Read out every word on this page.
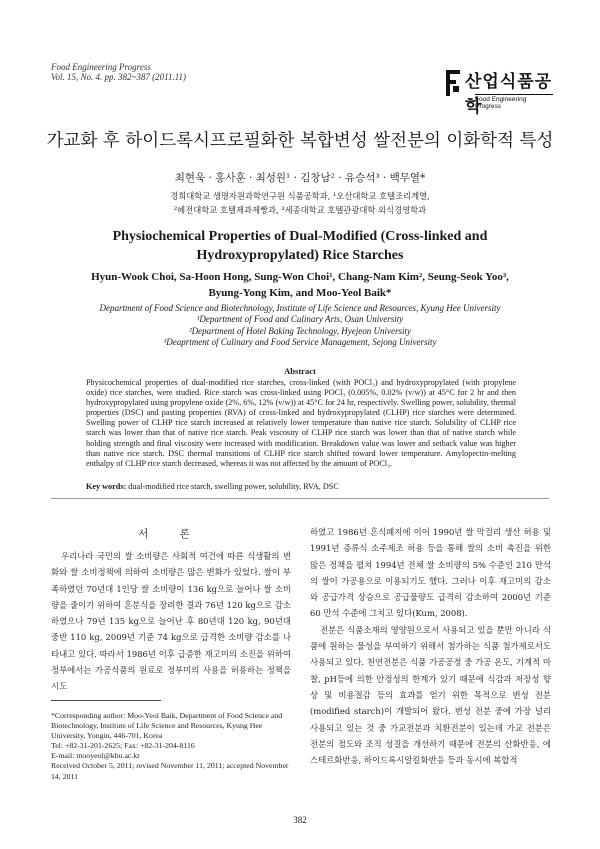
Food Engineering Progress
Vol. 15, No. 4. pp. 382~387 (2011.11)	산업식품공학
Food Engineering Progress
가교화 후 하이드록시프로필화한 복합변성 쌀전분의 이화학적 특성
최현욱 · 홍사훈 · 최성원¹ · 김창남² · 유승석³ · 백무열*
경희대학교 생명자원과학연구원 식품공학과, ¹오산대학교 호텔조리계열,
²혜전대학교 호텔제과제빵과, ³세종대학교 호텔관광대학 외식경영학과
Physiochemical Properties of Dual-Modified (Cross-linked and
Hydroxypropylated) Rice Starches
Hyun-Wook Choi, Sa-Hoon Hong, Sung-Won Choi¹, Chang-Nam Kim², Seung-Seok Yoo³,
Byung-Yong Kim, and Moo-Yeol Baik*
Department of Food Science and Biotechnology, Institute of Life Science and Resources, Kyung Hee University
¹Department of Food and Culinary Arts, Osan University
²Department of Hotel Baking Technology, Hyejeon University
³Deaprtment of Culinary and Food Service Management, Sejong University
Abstract

Physicochemical properties of dual-modified rice starches, cross-linked (with POCl₃) and hydroxypropylated (with propylene oxide) rice starches, were studied. Rice starch was cross-linked using POCl₃ (0.005%, 0.02% (v/w)) at 45°C for 2 hr and then hydroxypropylated using propylene oxide (2%, 6%, 12% (v/w)) at 45°C for 24 hr, respectively. Swelling power, solubility, thermal properties (DSC) and pasting properties (RVA) of cross-linked and hydroxypropylated (CLHP) rice starches were determined. Swelling power of CLHP rice starch increased at relatively lower temperature than native rice starch. Solubility of CLHP rice starch was lower than that of native rice starch. Peak viscosity of CLHP rice starch was lower than that of native starch while holding strength and final viscosity were increased with modification. Breakdown value was lower and setback value was higher than native rice starch. DSC thermal transitions of CLHP rice starch shifted toward lower temperature. Amylopectin-melting enthalpy of CLHP rice starch decreased, whereas it was not affected by the amount of POCl₃.

Key words: dual-modified rice starch, swelling power, solubility, RVA, DSC
서 론

우리나라 국민의 쌀 소비량은 사회적 여건에 따른 식생활의 변화와 쌀 소비정책에 의하여 소비량은 많은 변화가 있었다. 쌀이 부족하였던 70년대 1인당 쌀 소비량이 136 kg으로 늘어나 쌀 소비량을 줄이기 위하여 혼분식을 장려한 결과 76년 120 kg으로 감소하였으나 79년 135 kg으로 늘어난 후 80년대 120 kg, 90년대 중반 110 kg, 2009년 기준 74 kg으로 급격한 소비량 감소를 나타내고 있다. 따라서 1986년 이후 급증한 재고미의 소진을 위하여 정부에서는 가공식품의 원료로 정부미의 사용을 허용하는 정책을 시도

하였고 1986년 혼식폐지에 이어 1990년 쌀 막걸리 생산 허용 및 1991년 증류식 소주제조 허용 등을 통해 쌀의 소비 촉진을 위한 많은 정책을 펼쳐 1994년 전체 쌀 소비량의 5% 수준인 210 만석의 쌀이 가공용으로 이용되기도 했다. 그러나 이후 재고미의 감소와 공급가격 상승으로 공급물량도 급격히 감소하여 2000년 기준 60 만석 수준에 그치고 있다(Kum, 2008).

전분은 식품소재의 영양원으로서 사용되고 있을 뿐만 아니라 식품에 원하는 물성을 부여하기 위해서 첨가하는 식품 첨가제로서도 사용되고 있다. 천연전분은 식품 가공공정 중 가공 온도, 기계적 마찰, pH등에 의한 안정성의 한계가 있기 때문에 식감과 저장성 향상 및 비용절감 등의 효과를 얻기 위한 목적으로 변성 전분(modified starch)이 개발되어 왔다. 변성 전분 중에 가장 널리 사용되고 있는 것 중 가교전분과 치환전분이 있는데 가교 전분은 전분의 점도와 조직 성질을 개선하기 때문에 전분의 산화반응, 에스테르화반응, 하이드록시알킬화반응 등과 동시에 복합적

*Corresponding author: Moo-Yeol Baik, Department of Food Science and Biotechnology, Institute of Life Science and Resources, Kyung Hee University, Yongin, 446-701, Korea

Tel: +82-31-201-2625; Fax: +82-31-204-8116

E-mail: mooyeol@khu.ac.kr

Received October 5, 2011; revised November 11, 2011; accepted November 14, 2011

382
